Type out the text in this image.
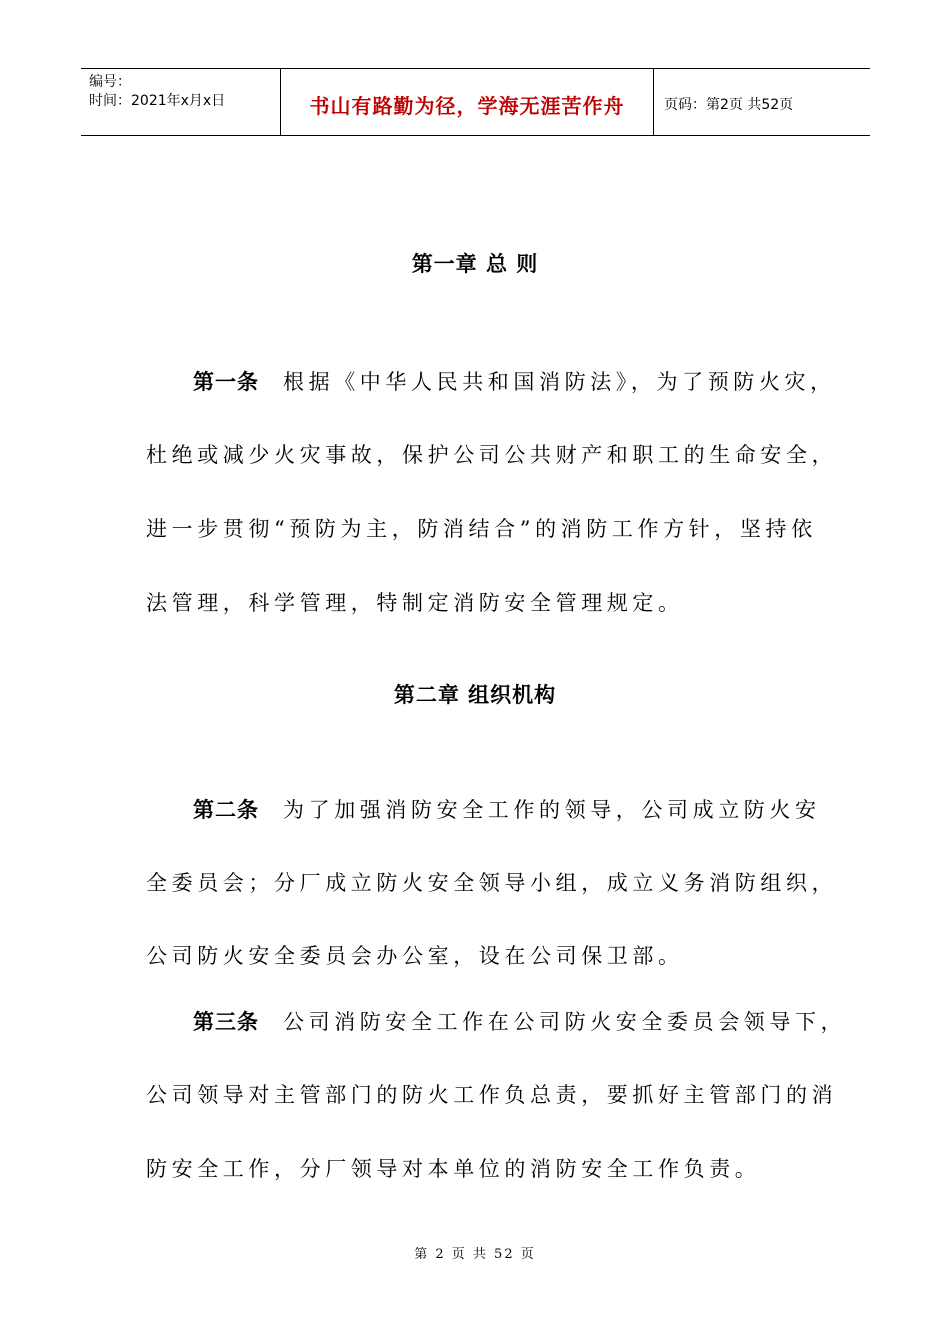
编号：
时间：2021年x月x日	书山有路勤为径，学海无涯苦作舟	页码：第2页 共52页
第一章 总 则
第一条 根据《中华人民共和国消防法》，为了预防火灾，
杜绝或减少火灾事故，保护公司公共财产和职工的生命安全，
进一步贯彻“预防为主，防消结合”的消防工作方针，坚持依
法管理，科学管理，特制定消防安全管理规定。
第二章 组织机构
第二条 为了加强消防安全工作的领导，公司成立防火安
全委员会；分厂成立防火安全领导小组，成立义务消防组织，
公司防火安全委员会办公室，设在公司保卫部。
第三条 公司消防安全工作在公司防火安全委员会领导下，
公司领导对主管部门的防火工作负总责，要抓好主管部门的消
防安全工作，分厂领导对本单位的消防安全工作负责。
第 2 页 共 52 页
